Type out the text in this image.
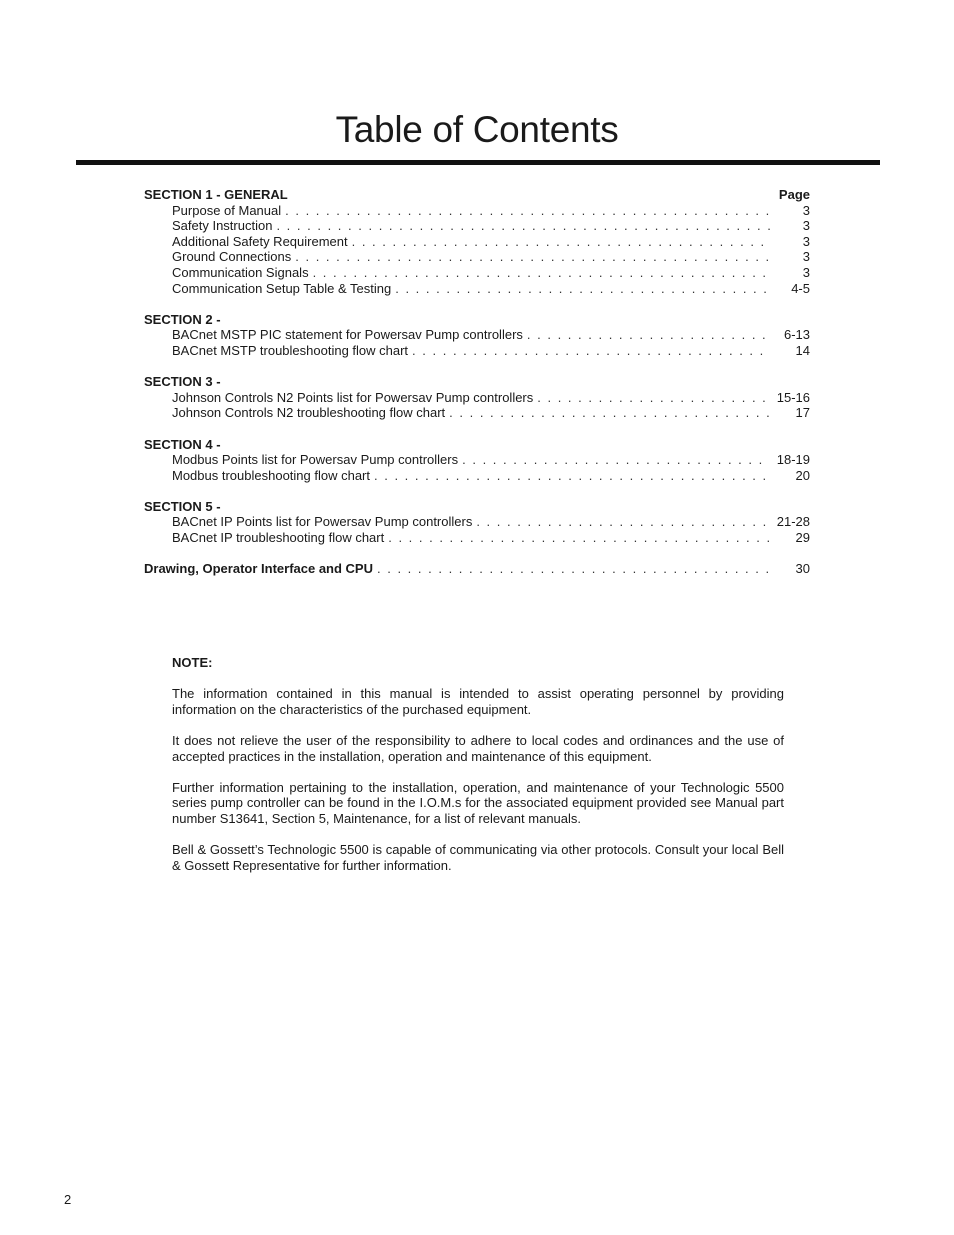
Table of Contents
SECTION 1 - GENERAL	Page
Purpose of Manual . . .	3
Safety Instruction . . .	3
Additional Safety Requirement . . .	3
Ground Connections . . .	3
Communication Signals . . .	3
Communication Setup Table & Testing . . .	4-5
SECTION 2 -
BACnet MSTP PIC statement for Powersav Pump controllers . . .	6-13
BACnet MSTP troubleshooting flow chart . . .	14
SECTION 3 -
Johnson Controls N2 Points list for Powersav Pump controllers . . .	15-16
Johnson Controls N2 troubleshooting flow chart . . .	17
SECTION 4 -
Modbus Points list for Powersav Pump controllers . . .	18-19
Modbus troubleshooting flow chart . . .	20
SECTION 5 -
BACnet IP Points list for Powersav Pump controllers . . .	21-28
BACnet IP troubleshooting flow chart . . .	29
Drawing, Operator Interface and CPU . . .	30
NOTE:

The information contained in this manual is intended to assist operating personnel by providing information on the characteristics of the purchased equipment.

It does not relieve the user of the responsibility to adhere to local codes and ordinances and the use of accepted practices in the installation, operation and maintenance of this equipment.

Further information pertaining to the installation, operation, and maintenance of your Technologic 5500 series pump controller can be found in the I.O.M.s for the associated equipment provided see Manual part number S13641, Section 5, Maintenance, for a list of relevant manuals.

Bell & Gossett’s Technologic 5500 is capable of communicating via other protocols. Consult your local Bell & Gossett Representative for further information.

2
